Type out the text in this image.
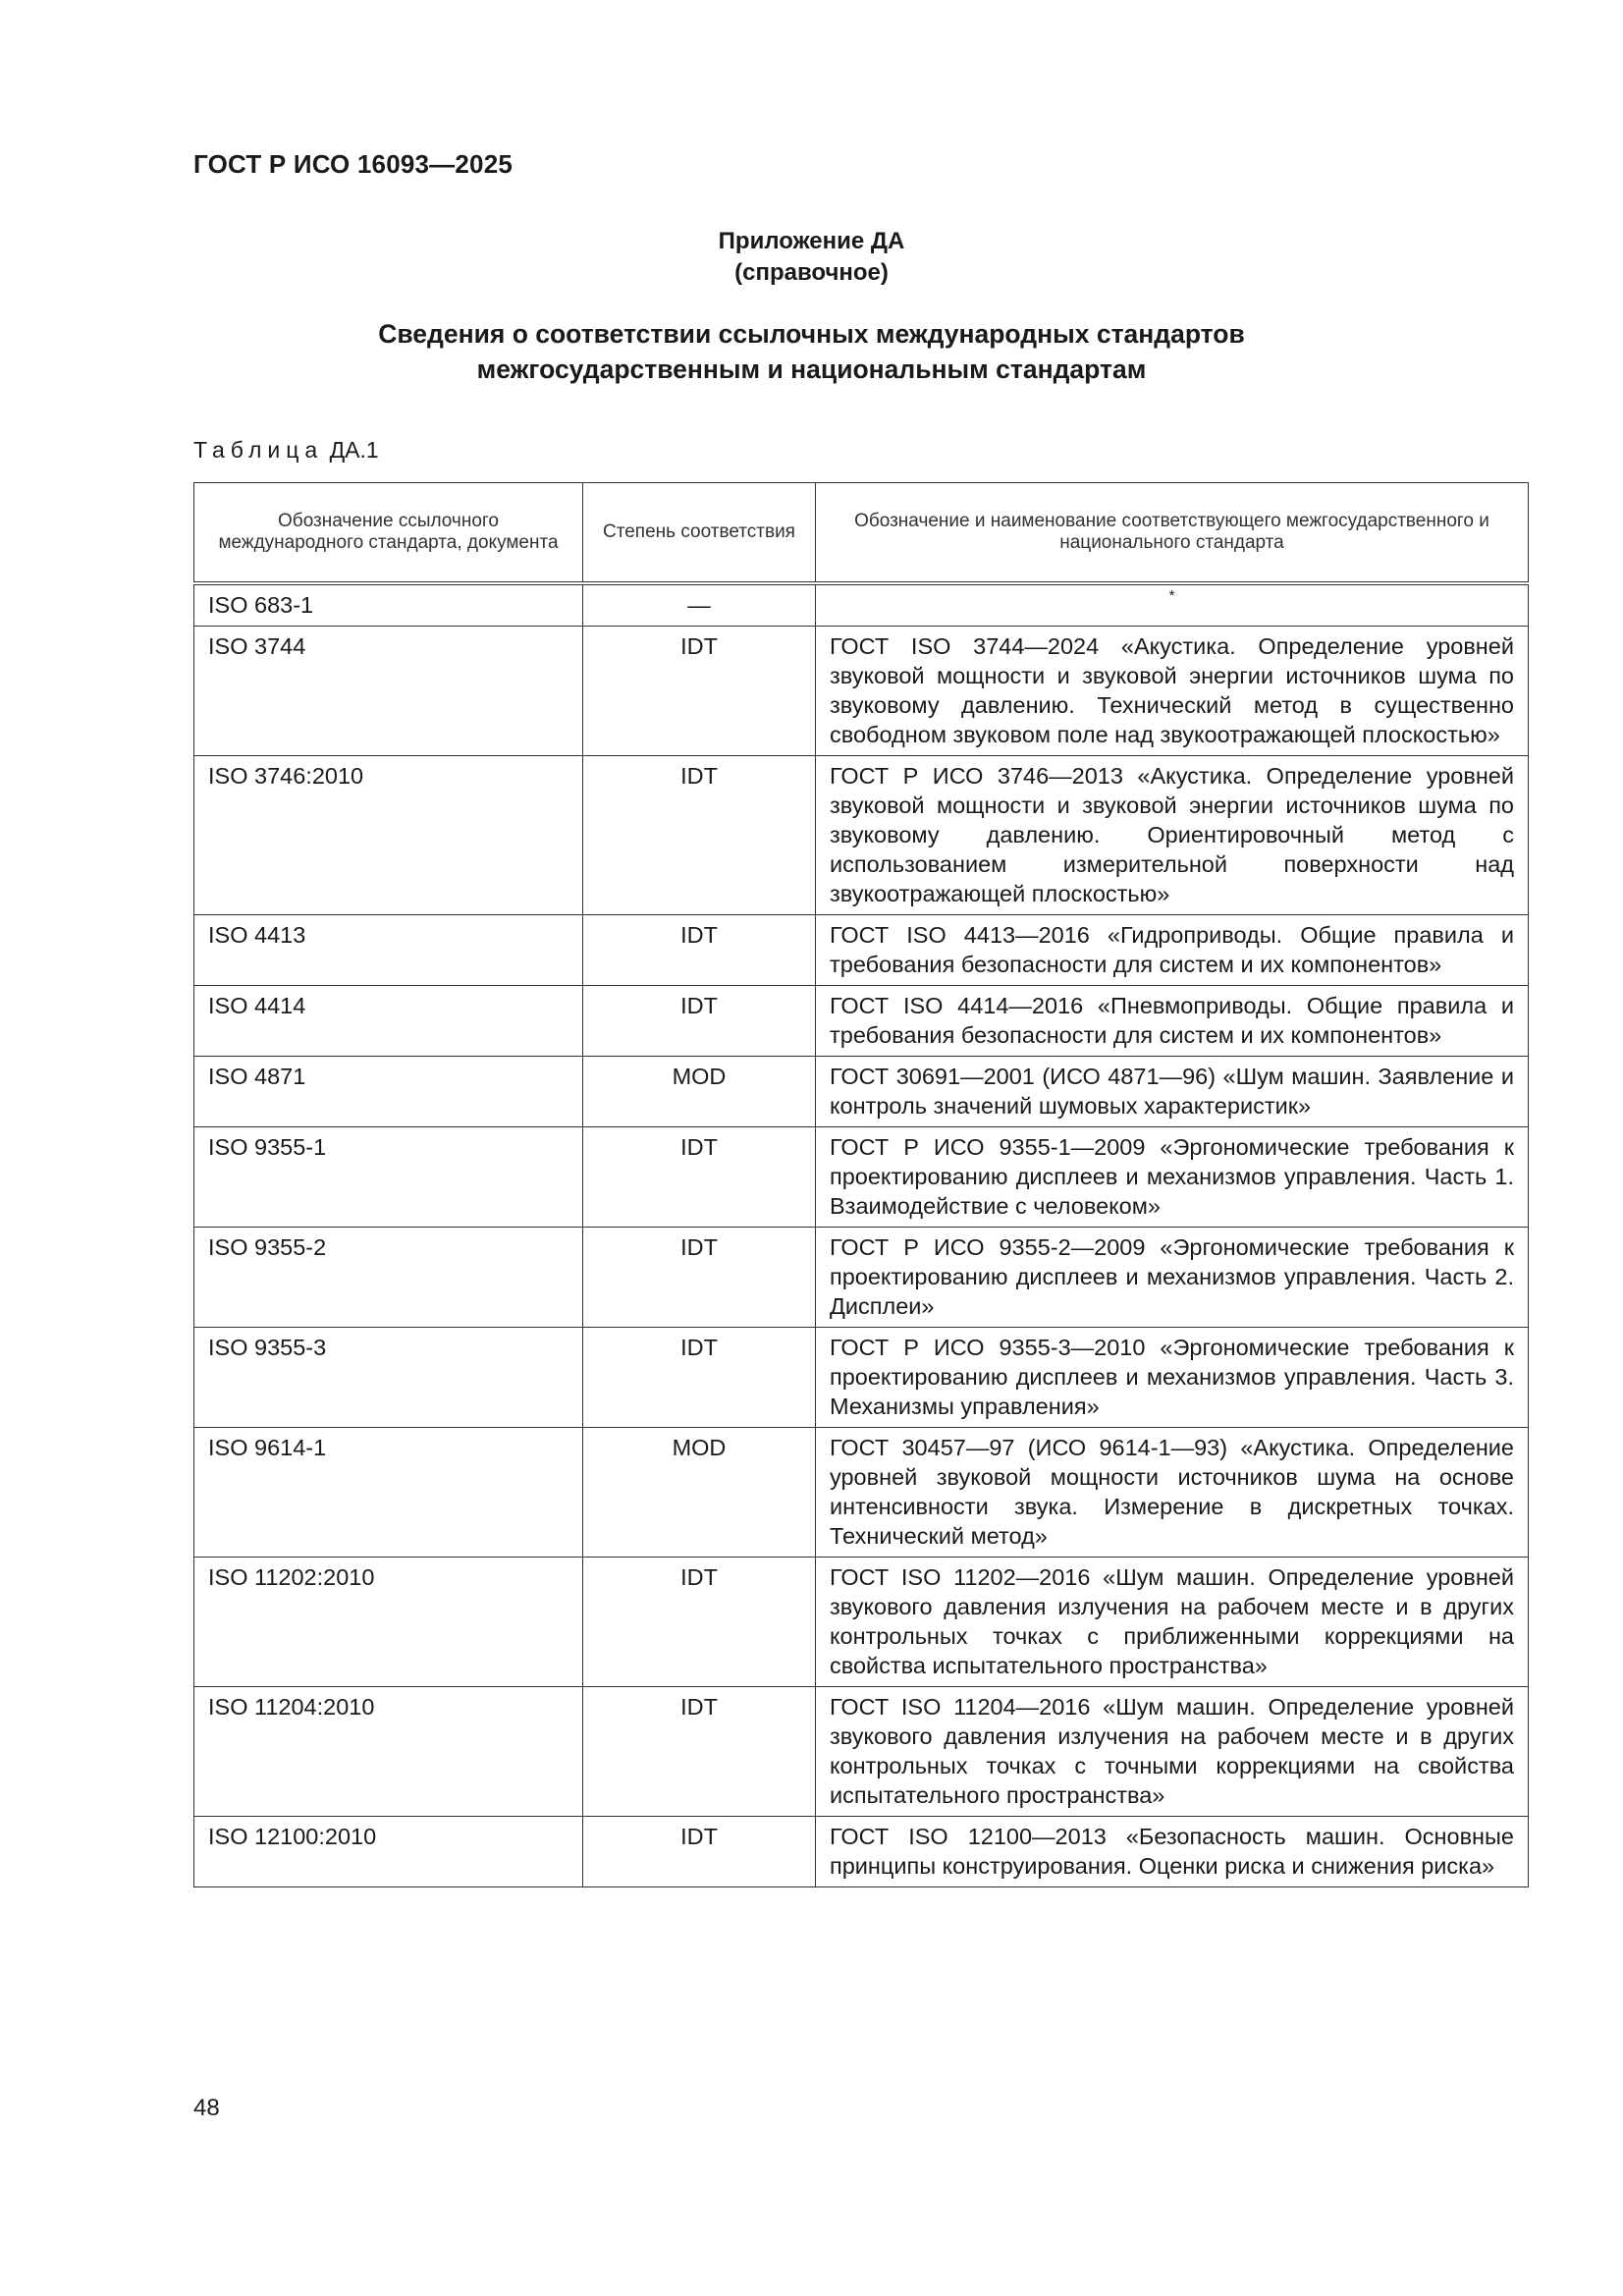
ГОСТ Р ИСО 16093—2025
Приложение ДА
(справочное)
Сведения о соответствии ссылочных международных стандартов
межгосударственным и национальным стандартам
Таблица ДА.1
Обозначение ссылочного международного стандарта, документа	Степень соответствия	Обозначение и наименование соответствующего межгосударственного и национального стандарта
ISO 683-1	—	*
ISO 3744	IDT	ГОСТ ISO 3744—2024 «Акустика. Определение уровней звуковой мощности и звуковой энергии источников шума по звуковому давлению. Технический метод в существенно свободном звуковом поле над звукоотражающей плоскостью»
ISO 3746:2010	IDT	ГОСТ Р ИСО 3746—2013 «Акустика. Определение уровней звуковой мощности и звуковой энергии источников шума по звуковому давлению. Ориентировочный метод с использованием измерительной поверхности над звукоотражающей плоскостью»
ISO 4413	IDT	ГОСТ ISO 4413—2016 «Гидроприводы. Общие правила и требования безопасности для систем и их компонентов»
ISO 4414	IDT	ГОСТ ISO 4414—2016 «Пневмоприводы. Общие правила и требования безопасности для систем и их компонентов»
ISO 4871	MOD	ГОСТ 30691—2001 (ИСО 4871—96) «Шум машин. Заявление и контроль значений шумовых характеристик»
ISO 9355-1	IDT	ГОСТ Р ИСО 9355-1—2009 «Эргономические требования к проектированию дисплеев и механизмов управления. Часть 1. Взаимодействие с человеком»
ISO 9355-2	IDT	ГОСТ Р ИСО 9355-2—2009 «Эргономические требования к проектированию дисплеев и механизмов управления. Часть 2. Дисплеи»
ISO 9355-3	IDT	ГОСТ Р ИСО 9355-3—2010 «Эргономические требования к проектированию дисплеев и механизмов управления. Часть 3. Механизмы управления»
ISO 9614-1	MOD	ГОСТ 30457—97 (ИСО 9614-1—93) «Акустика. Определение уровней звуковой мощности источников шума на основе интенсивности звука. Измерение в дискретных точках. Технический метод»
ISO 11202:2010	IDT	ГОСТ ISO 11202—2016 «Шум машин. Определение уровней звукового давления излучения на рабочем месте и в других контрольных точках с приближенными коррекциями на свойства испытательного пространства»
ISO 11204:2010	IDT	ГОСТ ISO 11204—2016 «Шум машин. Определение уровней звукового давления излучения на рабочем месте и в других контрольных точках с точными коррекциями на свойства испытательного пространства»
ISO 12100:2010	IDT	ГОСТ ISO 12100—2013 «Безопасность машин. Основные принципы конструирования. Оценки риска и снижения риска»
48
